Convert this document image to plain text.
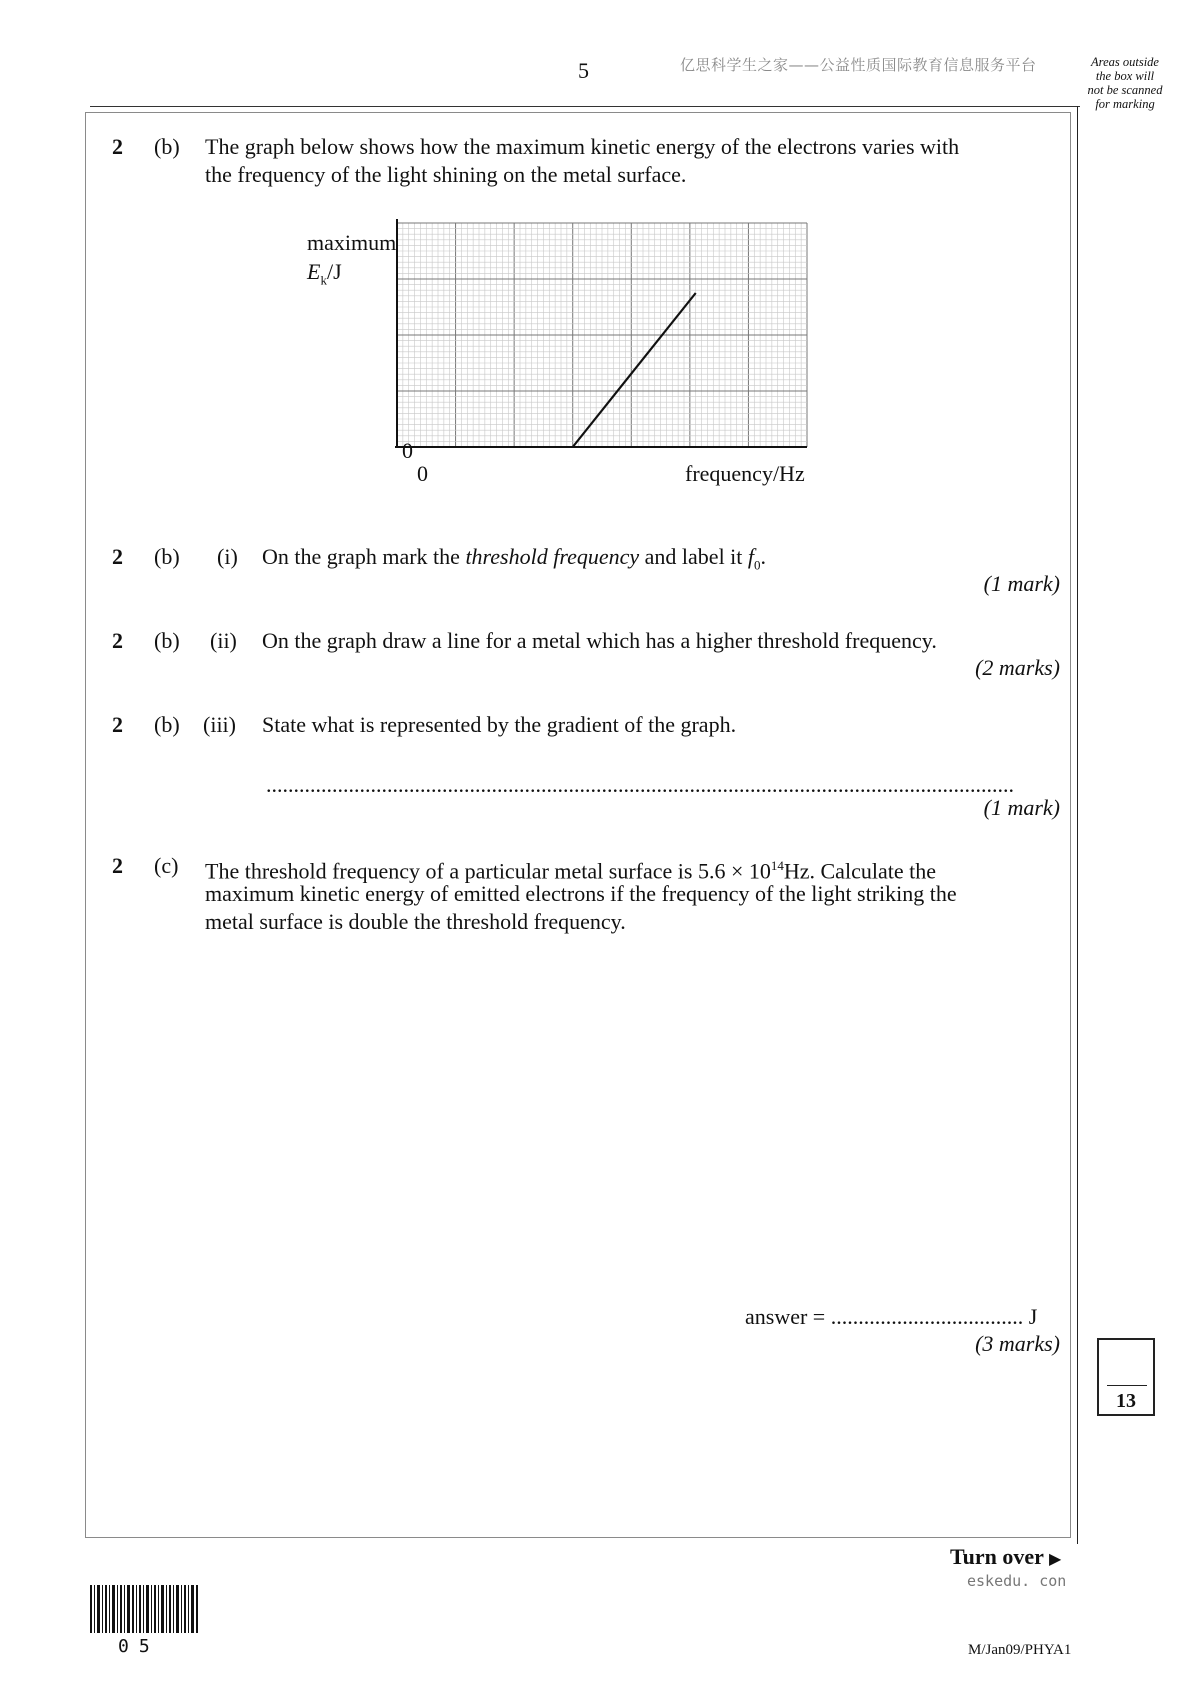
5	亿思科学生之家——公益性质国际教育信息服务平台	Areas outside
the box will
not be scanned
for marking
2 (b) The graph below shows how the maximum kinetic energy of the electrons varies with
the frequency of the light shining on the metal surface.
maximum
$E_k/J$
0
0	frequency/Hz
2 (b) (i) On the graph mark the threshold frequency and label it $f_0$.
(1 mark)
2 (b) (ii) On the graph draw a line for a metal which has a higher threshold frequency.
(2 marks)
2 (b) (iii) State what is represented by the gradient of the graph.
........................................................................................................................................
(1 mark)
2 (c) The threshold frequency of a particular metal surface is $5.6 \times 10^{14}Hz$. Calculate the
maximum kinetic energy of emitted electrons if the frequency of the light striking the
metal surface is double the threshold frequency.
answer = ................................... J
(3 marks)
13
Turn over ▶
eskedu. con
05	M/Jan09/PHYA1
